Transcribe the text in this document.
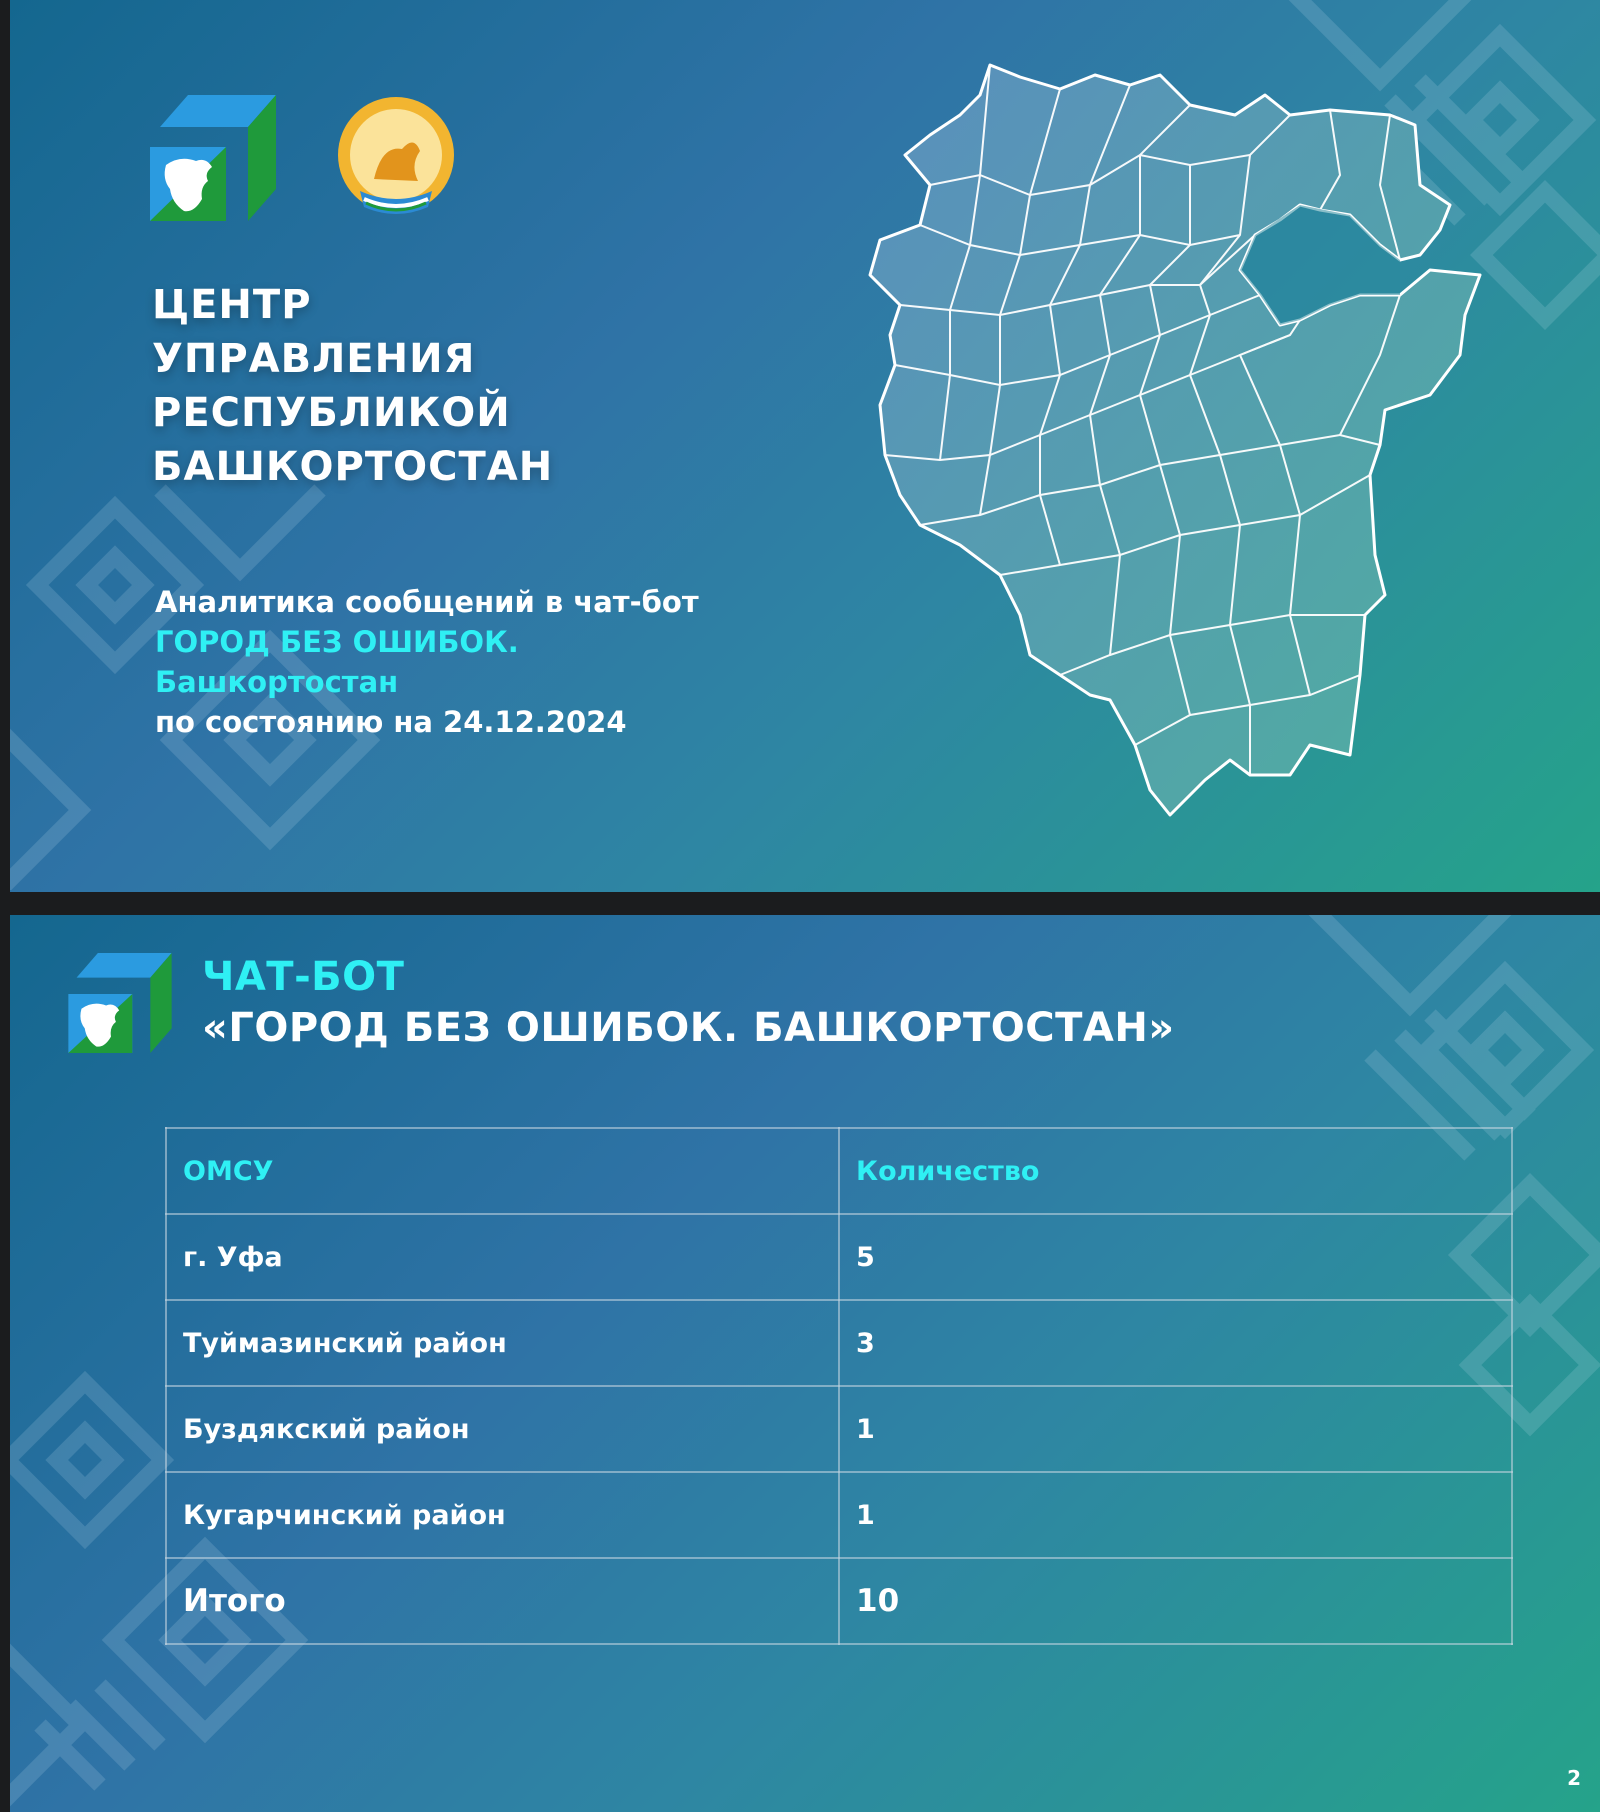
ЦЕНТР
УПРАВЛЕНИЯ
РЕСПУБЛИКОЙ
БАШКОРТОСТАН
Аналитика сообщений в чат-бот
ГОРОД БЕЗ ОШИБОК.
Башкортостан
по состоянию на 24.12.2024
ЧАТ-БОТ
«ГОРОД БЕЗ ОШИБОК. БАШКОРТОСТАН»
ОМСУ	Количество
г. Уфа	5
Туймазинский район	3
Буздякский район	1
Кугарчинский район	1
Итого	10
2
